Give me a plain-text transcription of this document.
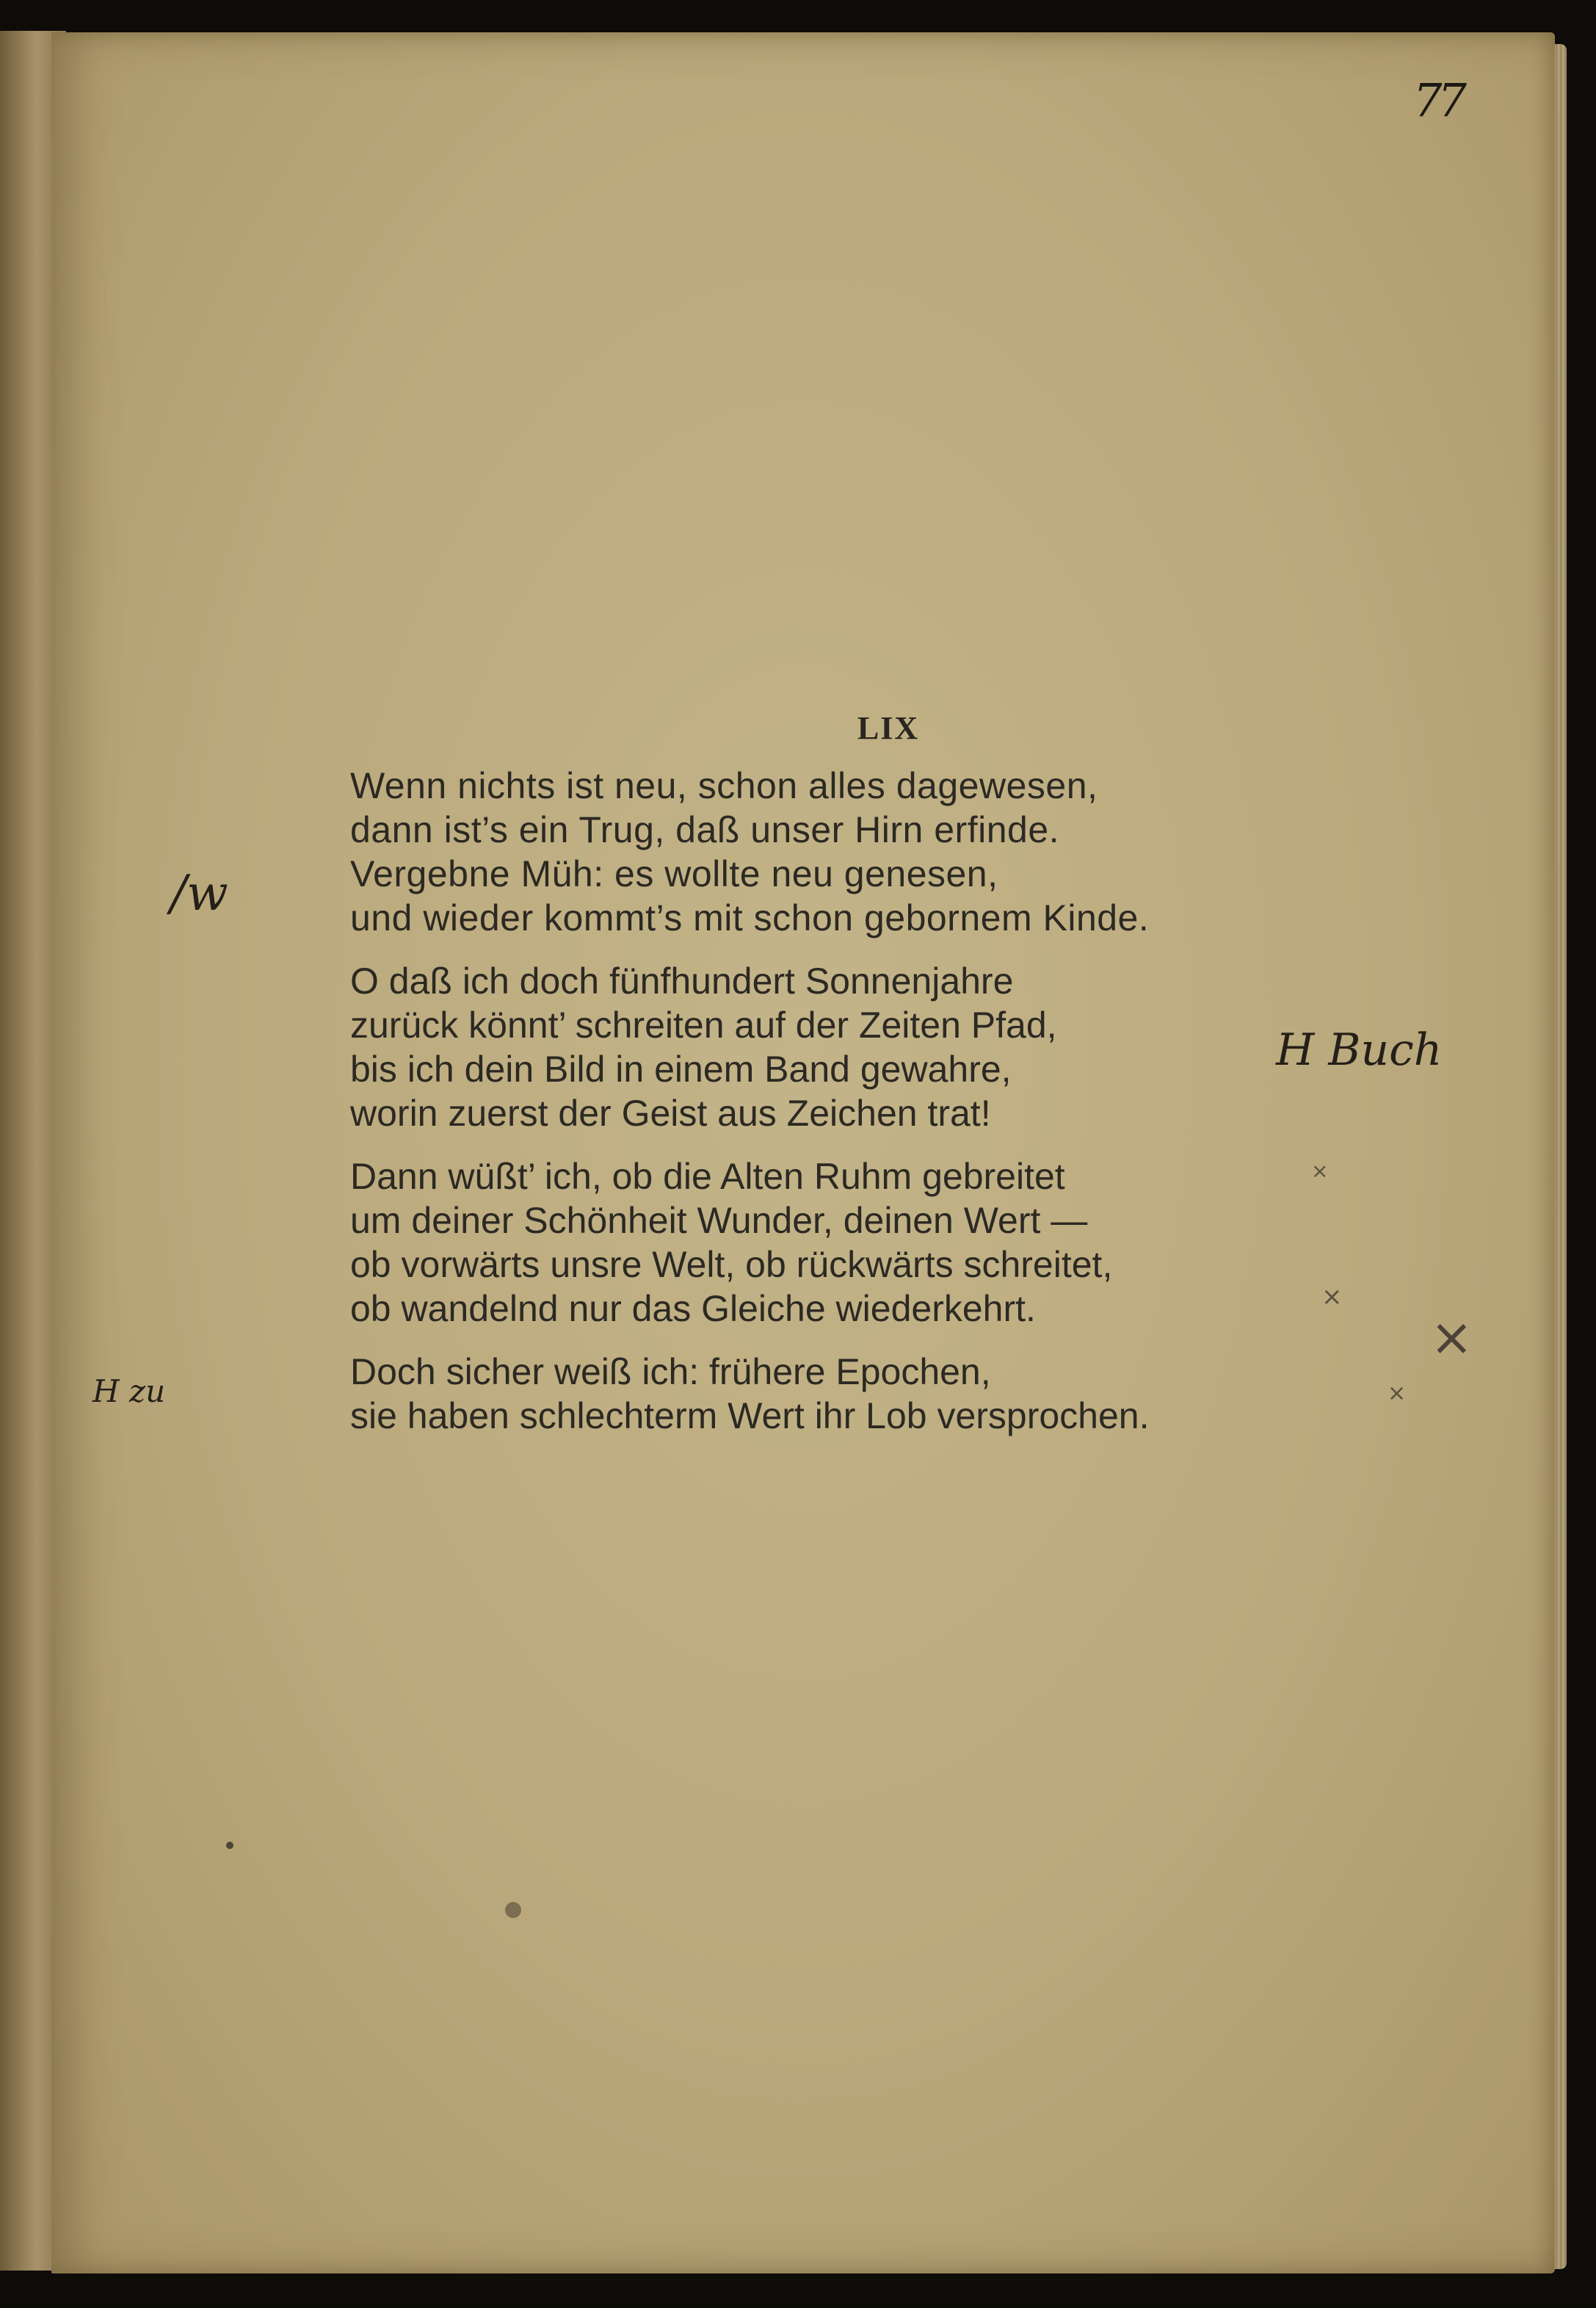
77
LIX
Wenn nichts ist neu, schon alles dagewesen,
dann ist’s ein Trug, daß unser Hirn erfinde.
Vergebne Müh: es wollte neu genesen,
und wieder kommt’s mit schon gebornem Kinde.
O daß ich doch fünfhundert Sonnenjahre
zurück könnt’ schreiten auf der Zeiten Pfad,
bis ich dein Bild in einem Band gewahre,
worin zuerst der Geist aus Zeichen trat!
Dann wüßt’ ich, ob die Alten Ruhm gebreitet
um deiner Schönheit Wunder, deinen Wert —
ob vorwärts unsre Welt, ob rückwärts schreitet,
ob wandelnd nur das Gleiche wiederkehrt.
Doch sicher weiß ich: frühere Epochen,
sie haben schlechterm Wert ihr Lob versprochen.
/w
H Buch
H zu
×
×
×
×
